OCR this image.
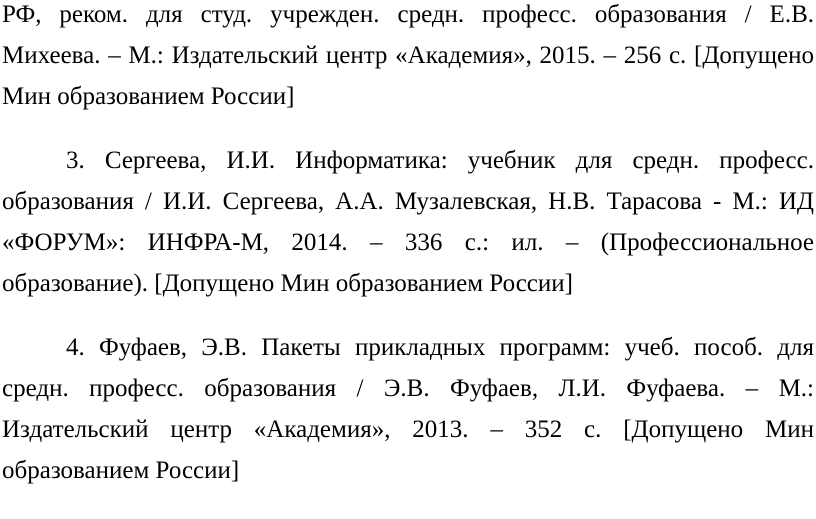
РФ, реком. для студ. учрежден. средн. професс. образования / Е.В.
Михеева. – М.: Издательский центр «Академия», 2015. – 256 с. [Допущено
Мин образованием России]
3. Сергеева, И.И. Информатика: учебник для средн. професс.
образования / И.И. Сергеева, А.А. Музалевская, Н.В. Тарасова - М.: ИД
«ФОРУМ»: ИНФРА-М, 2014. – 336 с.: ил. – (Профессиональное
образование). [Допущено Мин образованием России]
4. Фуфаев, Э.В. Пакеты прикладных программ: учеб. пособ. для
средн. професс. образования / Э.В. Фуфаев, Л.И. Фуфаева. – М.:
Издательский центр «Академия», 2013. – 352 с. [Допущено Мин
образованием России]
